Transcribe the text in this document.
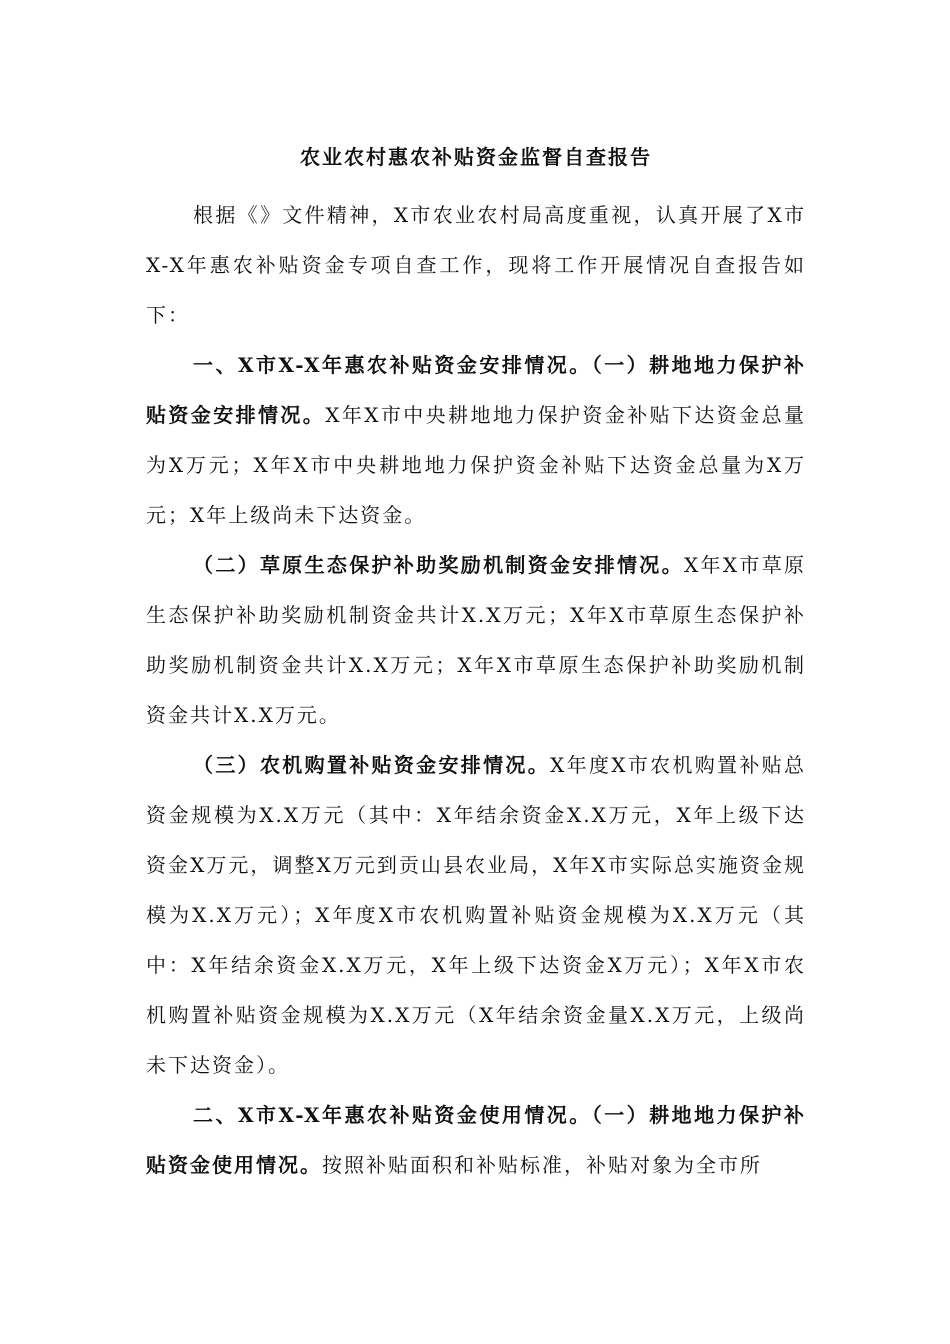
农业农村惠农补贴资金监督自查报告

根据《》文件精神，X市农业农村局高度重视，认真开展了X市X-X年惠农补贴资金专项自查工作，现将工作开展情况自查报告如下：

一、X市X-X年惠农补贴资金安排情况。（一）耕地地力保护补贴资金安排情况。X年X市中央耕地地力保护资金补贴下达资金总量为X万元；X年X市中央耕地地力保护资金补贴下达资金总量为X万元；X年上级尚未下达资金。

（二）草原生态保护补助奖励机制资金安排情况。X年X市草原生态保护补助奖励机制资金共计X.X万元；X年X市草原生态保护补助奖励机制资金共计X.X万元；X年X市草原生态保护补助奖励机制资金共计X.X万元。

（三）农机购置补贴资金安排情况。X年度X市农机购置补贴总资金规模为X.X万元（其中：X年结余资金X.X万元，X年上级下达资金X万元，调整X万元到贡山县农业局，X年X市实际总实施资金规模为X.X万元）；X年度X市农机购置补贴资金规模为X.X万元（其中：X年结余资金X.X万元，X年上级下达资金X万元）；X年X市农机购置补贴资金规模为X.X万元（X年结余资金量X.X万元，上级尚未下达资金）。

二、X市X-X年惠农补贴资金使用情况。（一）耕地地力保护补贴资金使用情况。按照补贴面积和补贴标准，补贴对象为全市所
